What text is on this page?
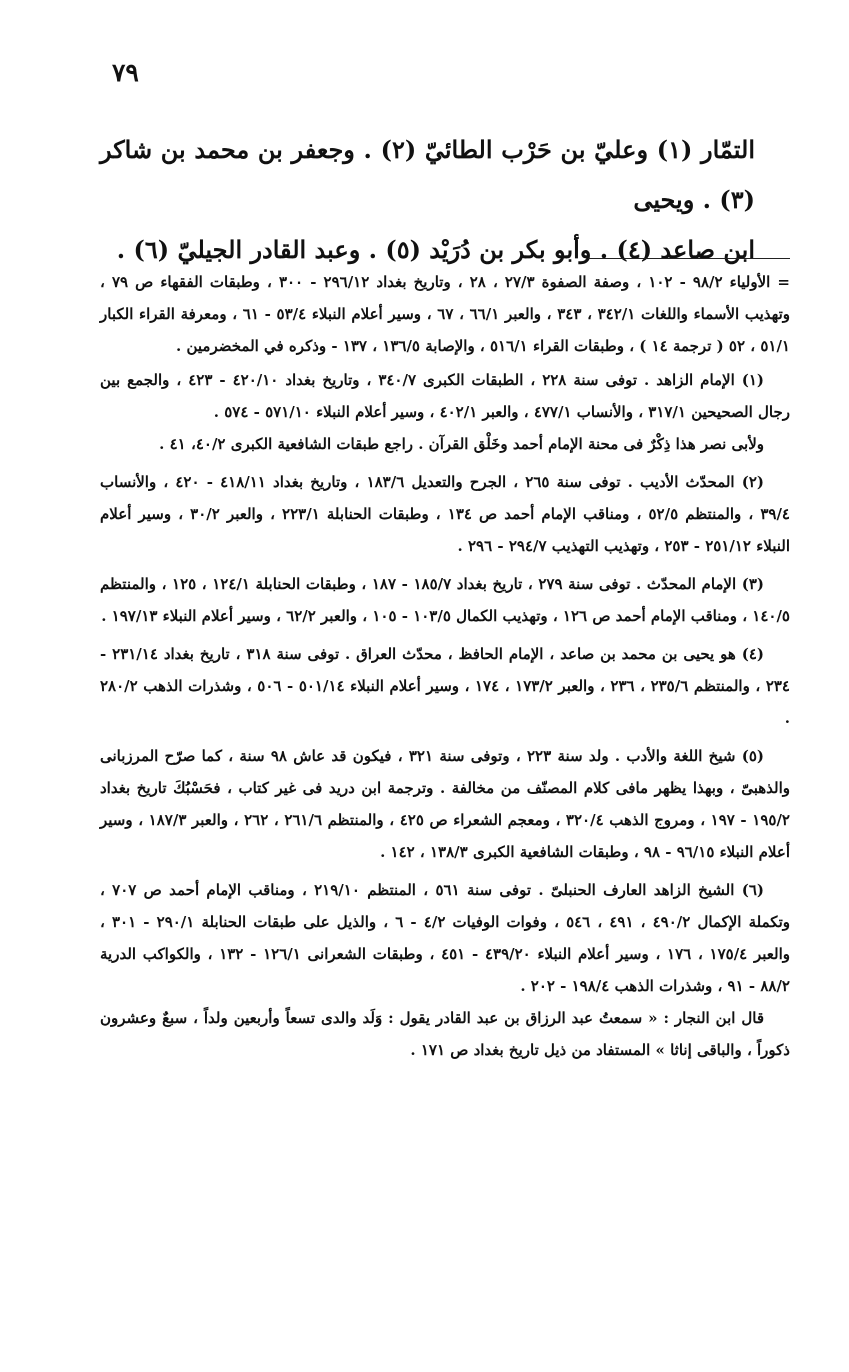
٧٩

التمّار (١) وعليّ بن حَرْب الطائيّ (٢) . وجعفر بن محمد بن شاكر (٣) . ويحيى

ابن صاعد (٤) . وأبو بكر بن دُرَيْد (٥) . وعبد القادر الجيليّ (٦) .

= الأولياء ٩٨/٢ - ١٠٢ ، وصفة الصفوة ٢٧/٣ ، ٢٨ ، وتاريخ بغداد ٢٩٦/١٢ - ٣٠٠ ، وطبقات الفقهاء ص ٧٩ ، وتهذيب الأسماء واللغات ٣٤٢/١ ، ٣٤٣ ، والعبر ٦٦/١ ، ٦٧ ، وسير أعلام النبلاء ٥٣/٤ - ٦١ ، ومعرفة القراء الكبار ٥١/١ ، ٥٢ ( ترجمة ١٤ ) ، وطبقات القراء ٥١٦/١ ، والإصابة ١٣٦/٥ ، ١٣٧ - وذكره في المخضرمين .

(١) الإمام الزاهد . توفى سنة ٢٢٨ ، الطبقات الكبرى ٣٤٠/٧ ، وتاريخ بغداد ٤٢٠/١٠ - ٤٢٣ ، والجمع بين رجال الصحيحين ٣١٧/١ ، والأنساب ٤٧٧/١ ، والعبر ٤٠٢/١ ، وسير أعلام النبلاء ٥٧١/١٠ - ٥٧٤ .

ولأبى نصر هذا ذِكْرٌ فى محنة الإمام أحمد وخَلْق القرآن . راجع طبقات الشافعية الكبرى ٤٠/٢، ٤١ .

(٢) المحدّث الأديب . توفى سنة ٢٦٥ ، الجرح والتعديل ١٨٣/٦ ، وتاريخ بغداد ٤١٨/١١ - ٤٢٠ ، والأنساب ٣٩/٤ ، والمنتظم ٥٢/٥ ، ومناقب الإمام أحمد ص ١٣٤ ، وطبقات الحنابلة ٢٢٣/١ ، والعبر ٣٠/٢ ، وسير أعلام النبلاء ٢٥١/١٢ - ٢٥٣ ، وتهذيب التهذيب ٢٩٤/٧ - ٢٩٦ .

(٣) الإمام المحدّث . توفى سنة ٢٧٩ ، تاريخ بغداد ١٨٥/٧ - ١٨٧ ، وطبقات الحنابلة ١٢٤/١ ، ١٢٥ ، والمنتظم ١٤٠/٥ ، ومناقب الإمام أحمد ص ١٢٦ ، وتهذيب الكمال ١٠٣/٥ - ١٠٥ ، والعبر ٦٢/٢ ، وسير أعلام النبلاء ١٩٧/١٣ .

(٤) هو يحيى بن محمد بن صاعد ، الإمام الحافظ ، محدّث العراق . توفى سنة ٣١٨ ، تاريخ بغداد ٢٣١/١٤ - ٢٣٤ ، والمنتظم ٢٣٥/٦ ، ٢٣٦ ، والعبر ١٧٣/٢ ، ١٧٤ ، وسير أعلام النبلاء ٥٠١/١٤ - ٥٠٦ ، وشذرات الذهب ٢٨٠/٢ .

(٥) شيخ اللغة والأدب . ولد سنة ٢٢٣ ، وتوفى سنة ٣٢١ ، فيكون قد عاش ٩٨ سنة ، كما صرّح المرزبانى والذهبىّ ، وبهذا يظهر مافى كلام المصنّف من مخالفة . وترجمة ابن دريد فى غير كتاب ، فحَسْبُكَ تاريخ بغداد ١٩٥/٢ - ١٩٧ ، ومروج الذهب ٣٢٠/٤ ، ومعجم الشعراء ص ٤٢٥ ، والمنتظم ٢٦١/٦ ، ٢٦٢ ، والعبر ١٨٧/٣ ، وسير أعلام النبلاء ٩٦/١٥ - ٩٨ ، وطبقات الشافعية الكبرى ١٣٨/٣ ، ١٤٢ .

(٦) الشيخ الزاهد العارف الحنبلىّ . توفى سنة ٥٦١ ، المنتظم ٢١٩/١٠ ، ومناقب الإمام أحمد ص ٧٠٧ ، وتكملة الإكمال ٤٩٠/٢ ، ٤٩١ ، ٥٤٦ ، وفوات الوفيات ٤/٢ - ٦ ، والذيل على طبقات الحنابلة ٢٩٠/١ - ٣٠١ ، والعبر ١٧٥/٤ ، ١٧٦ ، وسير أعلام النبلاء ٤٣٩/٢٠ - ٤٥١ ، وطبقات الشعرانى ١٢٦/١ - ١٣٢ ، والكواكب الدرية ٨٨/٢ - ٩١ ، وشذرات الذهب ١٩٨/٤ - ٢٠٢ .

قال ابن النجار : « سمعتُ عبد الرزاق بن عبد القادر يقول : وَلَد والدى تسعاً وأربعين ولداً ، سبعٌ وعشرون ذكوراً ، والباقى إناثا » المستفاد من ذيل تاريخ بغداد ص ١٧١ .
